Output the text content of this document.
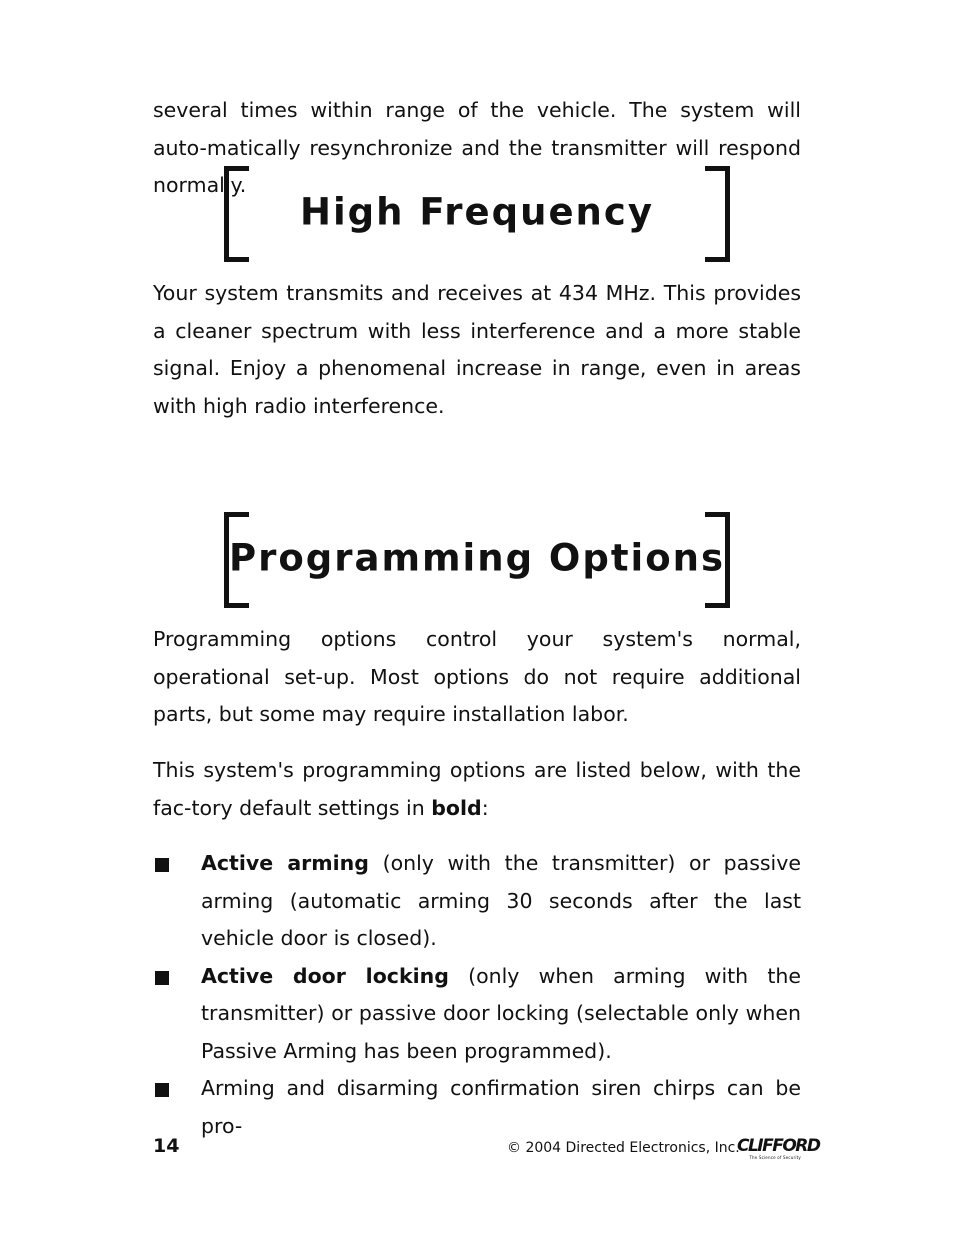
several times within range of the vehicle. The system will auto-matically resynchronize and the transmitter will respond normally.

High Frequency

Your system transmits and receives at 434 MHz. This provides a cleaner spectrum with less interference and a more stable signal. Enjoy a phenomenal increase in range, even in areas with high radio interference.

Programming Options

Programming options control your system's normal, operational set-up. Most options do not require additional parts, but some may require installation labor.

This system's programming options are listed below, with the fac-tory default settings in bold:

Active arming (only with the transmitter) or passive arming (automatic arming 30 seconds after the last vehicle door is closed).
Active door locking (only when arming with the transmitter) or passive door locking (selectable only when Passive Arming has been programmed).
Arming and disarming confirmation siren chirps can be pro-
14	© 2004 Directed Electronics, Inc.
CLIFFORD
The Science of Security
